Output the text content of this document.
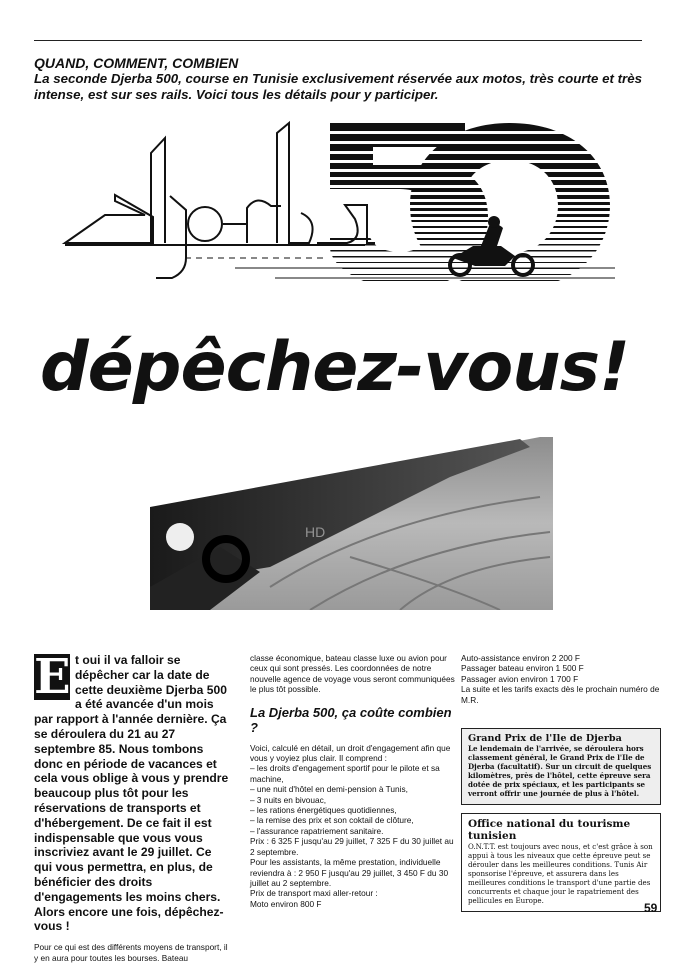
QUAND, COMMENT, COMBIEN
La seconde Djerba 500, course en Tunisie exclusivement réservée aux motos, très courte et très intense, est sur ses rails. Voici tous les détails pour y participer.
dépêchez-vous!
HD

E t oui il va falloir se dépêcher car la date de cette deuxième Djerba 500 a été avancée d'un mois par rapport à l'année dernière. Ça se déroulera du 21 au 27 septembre 85. Nous tombons donc en période de vacances et cela vous oblige à vous y prendre beaucoup plus tôt pour les réservations de transports et d'hébergement. De ce fait il est indispensable que vous vous inscriviez avant le 29 juillet. Ce qui vous permettra, en plus, de bénéficier des droits d'engagements les moins chers. Alors encore une fois, dépêchez-vous !

Pour ce qui est des différents moyens de transport, il y en aura pour toutes les bourses. Bateau

classe économique, bateau classe luxe ou avion pour ceux qui sont pressés. Les coordonnées de notre nouvelle agence de voyage vous seront communiquées le plus tôt possible.

La Djerba 500, ça coûte combien ?

Voici, calculé en détail, un droit d'engagement afin que vous y voyiez plus clair. Il comprend :

– les droits d'engagement sportif pour le pilote et sa machine,

– une nuit d'hôtel en demi-pension à Tunis,

– 3 nuits en bivouac,

– les rations énergétiques quotidiennes,

– la remise des prix et son coktail de clôture,

– l'assurance rapatriement sanitaire.

Prix : 6 325 F jusqu'au 29 juillet, 7 325 F du 30 juillet au 2 septembre.

Pour les assistants, la même prestation, individuelle reviendra à : 2 950 F jusqu'au 29 juillet, 3 450 F du 30 juillet au 2 septembre.

Prix de transport maxi aller-retour :

Moto environ 800 F

Auto-assistance environ 2 200 F

Passager bateau environ 1 500 F

Passager avion environ 1 700 F

La suite et les tarifs exacts dès le prochain numéro de M.R.

Grand Prix de l'Ile de Djerba

Le lendemain de l'arrivée, se déroulera hors classement général, le Grand Prix de l'Ile de Djerba (facultatif). Sur un circuit de quelques kilomètres, près de l'hôtel, cette épreuve sera dotée de prix spéciaux, et les participants se verront offrir une journée de plus à l'hôtel.

Office national du tourisme tunisien

O.N.T.T. est toujours avec nous, et c'est grâce à son appui à tous les niveaux que cette épreuve peut se dérouler dans les meilleures conditions. Tunis Air sponsorise l'épreuve, et assurera dans les meilleures conditions le transport d'une partie des concurrents et chaque jour le rapatriement des pellicules en Europe.

59
